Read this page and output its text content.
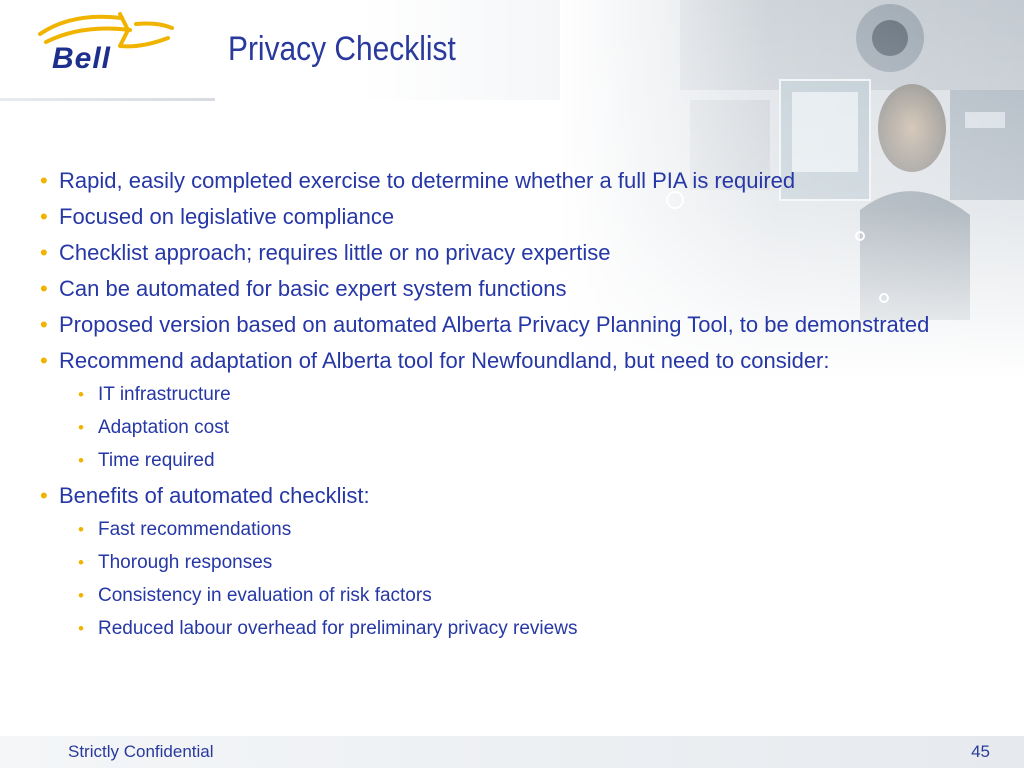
Bell	Privacy Checklist
• Rapid, easily completed exercise to determine whether a full PIA is required
• Focused on legislative compliance
• Checklist approach; requires little or no privacy expertise
• Can be automated for basic expert system functions
• Proposed version based on automated Alberta Privacy Planning Tool, to be demonstrated
• Recommend adaptation of Alberta tool for Newfoundland, but need to consider:
• IT infrastructure
• Adaptation cost
• Time required
• Benefits of automated checklist:
• Fast recommendations
• Thorough responses
• Consistency in evaluation of risk factors
• Reduced labour overhead for preliminary privacy reviews
Strictly Confidential	45
